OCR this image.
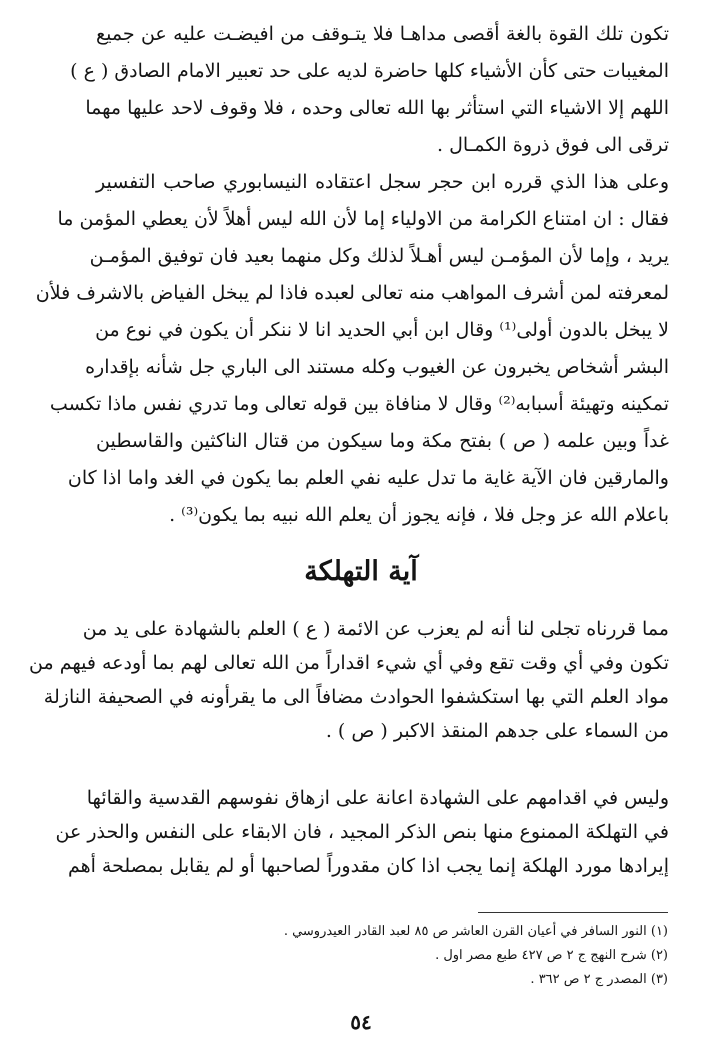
تكون تلك القوة بالغة أقصى مداهـا فلا يتـوقف من افيضـت عليه عن جميع
المغيبات حتى كأن الأشياء كلها حاضرة لديه على حد تعبير الامام الصادق ( ع )
اللهم إلا الاشياء التي استأثر بها الله تعالى وحده ، فلا وقوف لاحد عليها مهما
ترقى الى فوق ذروة الكمـال .
وعلى هذا الذي قرره ابن حجر سجل اعتقاده النيسابوري صاحب التفسير
فقال : ان امتناع الكرامة من الاولياء إما لأن الله ليس أهلاً لأن يعطي المؤمن ما
يريد ، وإما لأن المؤمـن ليس أهـلاً لذلك وكل منهما بعيد فان توفيق المؤمـن
لمعرفته لمن أشرف المواهب منه تعالى لعبده فاذا لم يبخل الفياض بالاشرف فلأن
لا يبخل بالدون أولى⁽¹⁾ وقال ابن أبي الحديد انا لا ننكر أن يكون في نوع من
البشر أشخاص يخبرون عن الغيوب وكله مستند الى الباري جل شأنه بإقداره
تمكينه وتهيئة أسبابه⁽²⁾ وقال لا منافاة بين قوله تعالى وما تدري نفس ماذا تكسب
غداً وبين علمه ( ص ) بفتح مكة وما سيكون من قتال الناكثين والقاسطين
والمارقين فان الآية غاية ما تدل عليه نفي العلم بما يكون في الغد واما اذا كان
باعلام الله عز وجل فلا ، فإنه يجوز أن يعلم الله نبيه بما يكون⁽³⁾ .
آية التهلكة
مما قررناه تجلى لنا أنه لم يعزب عن الائمة ( ع ) العلم بالشهادة على يد من
تكون وفي أي وقت تقع وفي أي شيء اقداراً من الله تعالى لهم بما أودعه فيهم من
مواد العلم التي بها استكشفوا الحوادث مضافاً الى ما يقرأونه في الصحيفة النازلة
من السماء على جدهم المنقذ الاكبر ( ص ) .
وليس في اقدامهم على الشهادة اعانة على ازهاق نفوسهم القدسية والقائها
في التهلكة الممنوع منها بنص الذكر المجيد ، فان الابقاء على النفس والحذر عن
إيرادها مورد الهلكة إنما يجب اذا كان مقدوراً لصاحبها أو لم يقابل بمصلحة أهم
(١) النور السافر في أعيان القرن العاشر ص ٨٥ لعبد القادر العيدروسي .
(٢) شرح النهج ج ٢ ص ٤٢٧ طبع مصر اول .
(٣) المصدر ج ٢ ص ٣٦٢ .
٥٤
